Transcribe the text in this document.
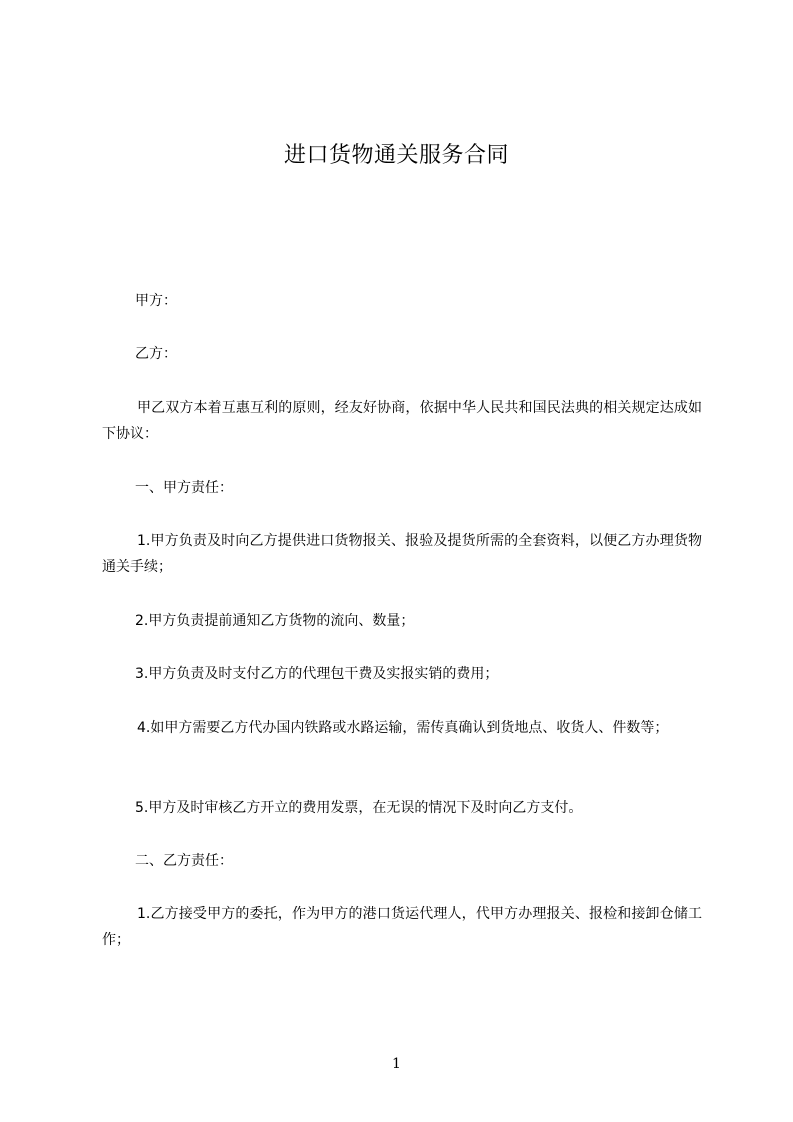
进口货物通关服务合同
甲方：
乙方：
甲乙双方本着互惠互利的原则，经友好协商，依据中华人民共和国民法典的相关规定达成如下协议：
一、甲方责任：
1.甲方负责及时向乙方提供进口货物报关、报验及提货所需的全套资料，以便乙方办理货物通关手续；
2.甲方负责提前通知乙方货物的流向、数量；
3.甲方负责及时支付乙方的代理包干费及实报实销的费用；
4.如甲方需要乙方代办国内铁路或水路运输，需传真确认到货地点、收货人、件数等；
5.甲方及时审核乙方开立的费用发票，在无误的情况下及时向乙方支付。
二、乙方责任：
1.乙方接受甲方的委托，作为甲方的港口货运代理人，代甲方办理报关、报检和接卸仓储工作；
1
